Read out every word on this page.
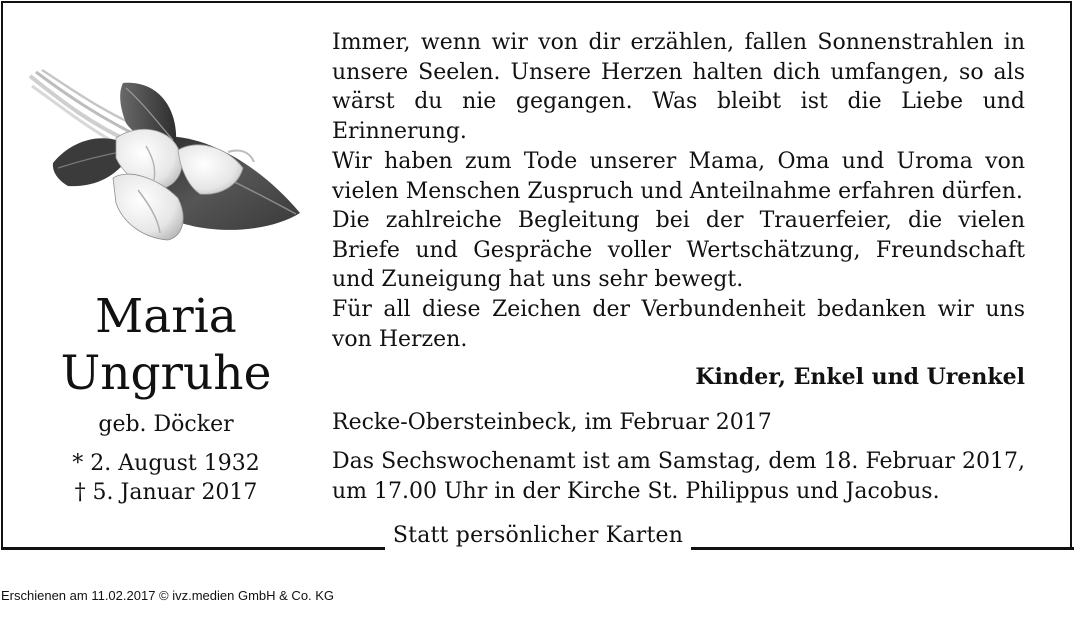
Maria
Ungruhe
geb. Döcker
* 2. August 1932
† 5. Januar 2017
Immer, wenn wir von dir erzählen, fallen Sonnenstrahlen in unsere Seelen. Unsere Herzen halten dich umfangen, so als wärst du nie gegangen. Was bleibt ist die Liebe und Erinnerung.
Wir haben zum Tode unserer Mama, Oma und Uroma von vielen Menschen Zuspruch und Anteilnahme erfahren dürfen.
Die zahlreiche Begleitung bei der Trauerfeier, die vielen Briefe und Gespräche voller Wertschätzung, Freundschaft und Zuneigung hat uns sehr bewegt.
Für all diese Zeichen der Verbundenheit bedanken wir uns von Herzen.
Kinder, Enkel und Urenkel
Recke-Obersteinbeck, im Februar 2017
Das Sechswochenamt ist am Samstag, dem 18. Februar 2017, um 17.00 Uhr in der Kirche St. Philippus und Jacobus.
Statt persönlicher Karten
Erschienen am 11.02.2017 © ivz.medien GmbH & Co. KG
